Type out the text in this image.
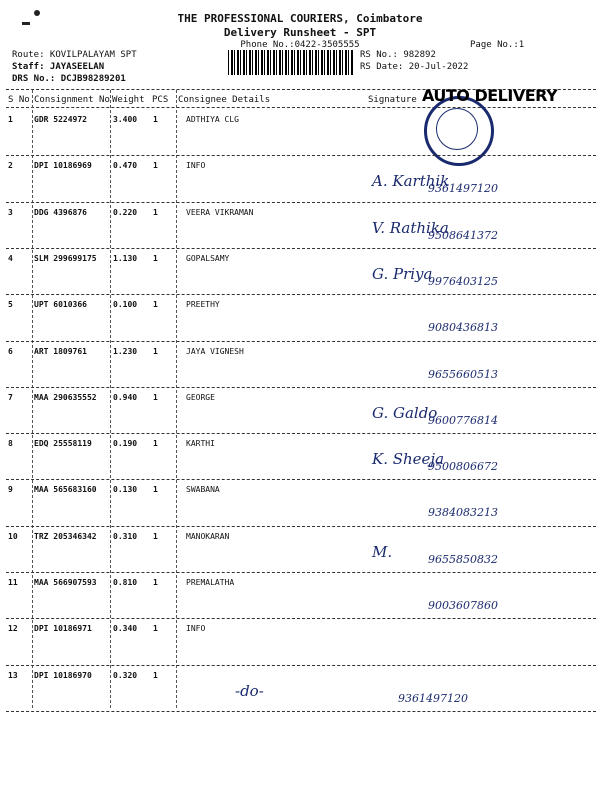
THE PROFESSIONAL COURIERS, Coimbatore
Delivery Runsheet - SPT
Phone No.:0422-3505555	Page No.:1
Route: KOVILPALAYAM SPT
Staff: JAYASEELAN
DRS No.: DCJB98289201
RS No.: 982892
RS Date: 20-Jul-2022
S No Consignment No Weight PCS Consignee Details	Signature AUTO DELIVERY
1	GDR 5224972	3.400 1	ADTHIYA CLG
2	DPI 10186969	0.470 1	INFO
A. Karthik
9361497120
3	DDG 4396876	0.220 1	VEERA VIKRAMAN
V. Rathika
9508641372
4	SLM 299699175 1.130 1	GOPALSAMY
G. Priya
9976403125
5	UPT 6010366	0.100 1	PREETHY
9080436813
6	ART 1809761	1.230 1	JAYA VIGNESH
9655660513
7	MAA 290635552 0.940 1	GEORGE
G. Galdo
9600776814
8	EDQ 25558119	0.190 1	KARTHI
K. Sheeja
9500806672
9	MAA 565683160 0.130 1	SWABANA
9384083213
10 TRZ 205346342 0.310 1	MANOKARAN
M.	9655850832
11 MAA 566907593 0.810 1	PREMALATHA
9003607860
12 DPI 10186971	0.340 1	INFO
13 DPI 10186970	0.320 1
-do-	9361497120
